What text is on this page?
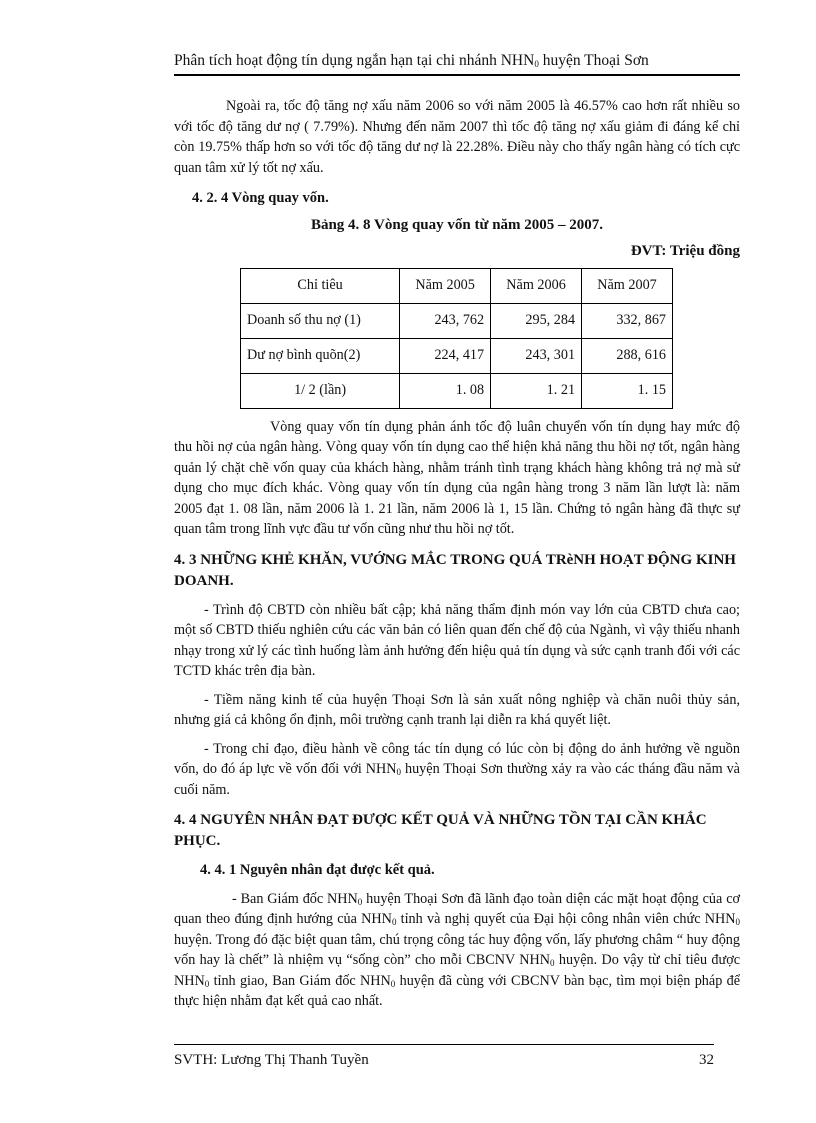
Phân tích hoạt động tín dụng ngắn hạn tại chi nhánh $NHN_0$ huyện Thoại Sơn

Ngoài ra, tốc độ tăng nợ xấu năm 2006 so với năm 2005 là 46.57% cao hơn rất nhiều so với tốc độ tăng dư nợ ( 7.79%). Nhưng đến năm 2007 thì tốc độ tăng nợ xấu giảm đi đáng kể chỉ còn 19.75% thấp hơn so với tốc độ tăng dư nợ là 22.28%. Điều này cho thấy ngân hàng có tích cực quan tâm xử lý tốt nợ xấu.

4. 2. 4 Vòng quay vốn.
Bảng 4. 8 Vòng quay vốn từ năm 2005 – 2007.
ĐVT: Triệu đồng
Chỉ tiêu	Năm 2005	Năm 2006	Năm 2007
Doanh số thu nợ (1)	243, 762	295, 284	332, 867
Dư nợ bình quõn(2)	224, 417	243, 301	288, 616
1/ 2 (lần)	1. 08	1. 21	1. 15

Vòng quay vốn tín dụng phản ánh tốc độ luân chuyển vốn tín dụng hay mức độ thu hồi nợ của ngân hàng. Vòng quay vốn tín dụng cao thể hiện khả năng thu hồi nợ tốt, ngân hàng quản lý chặt chẽ vốn quay của khách hàng, nhằm tránh tình trạng khách hàng không trả nợ mà sử dụng cho mục đích khác. Vòng quay vốn tín dụng của ngân hàng trong 3 năm lần lượt là: năm 2005 đạt 1. 08 lần, năm 2006 là 1. 21 lần, năm 2006 là 1, 15 lần. Chứng tỏ ngân hàng đã thực sự quan tâm trong lĩnh vực đầu tư vốn cũng như thu hồi nợ tốt.

4. 3 NHỮNG KHẺ KHĂN, VƯỚNG MẮC TRONG QUÁ TRèNH HOẠT ĐỘNG KINH DOANH.

- Trình độ CBTD còn nhiều bất cập; khả năng thẩm định món vay lớn của CBTD chưa cao; một số CBTD thiếu nghiên cứu các văn bản có liên quan đến chế độ của Ngành, vì vậy thiếu nhanh nhạy trong xử lý các tình huống làm ảnh hưởng đến hiệu quả tín dụng và sức cạnh tranh đối với các TCTD khác trên địa bàn.

- Tiềm năng kinh tế của huyện Thoại Sơn là sản xuất nông nghiệp và chăn nuôi thủy sản, nhưng giá cả không ổn định, môi trường cạnh tranh lại diễn ra khá quyết liệt.

- Trong chỉ đạo, điều hành về công tác tín dụng có lúc còn bị động do ảnh hưởng về nguồn vốn, do đó áp lực về vốn đối với $NHN_0$ huyện Thoại Sơn thường xảy ra vào các tháng đầu năm và cuối năm.

4. 4 NGUYÊN NHÂN ĐẠT ĐƯỢC KẾT QUẢ VÀ NHỮNG TỒN TẠI CẦN KHẮC PHỤC.
4. 4. 1 Nguyên nhân đạt được kết quả.

- Ban Giám đốc $NHN_0$ huyện Thoại Sơn đã lãnh đạo toàn diện các mặt hoạt động của cơ quan theo đúng định hướng của $NHN_0$ tỉnh và nghị quyết của Đại hội công nhân viên chức $NHN_0$ huyện. Trong đó đặc biệt quan tâm, chú trọng công tác huy động vốn, lấy phương châm “ huy động vốn hay là chết” là nhiệm vụ “sống còn” cho mỗi CBCNV $NHN_0$ huyện. Do vậy từ chỉ tiêu được $NHN_0$ tỉnh giao, Ban Giám đốc $NHN_0$ huyện đã cùng với CBCNV bàn bạc, tìm mọi biện pháp để thực hiện nhằm đạt kết quả cao nhất.

SVTH: Lương Thị Thanh Tuyền	32
